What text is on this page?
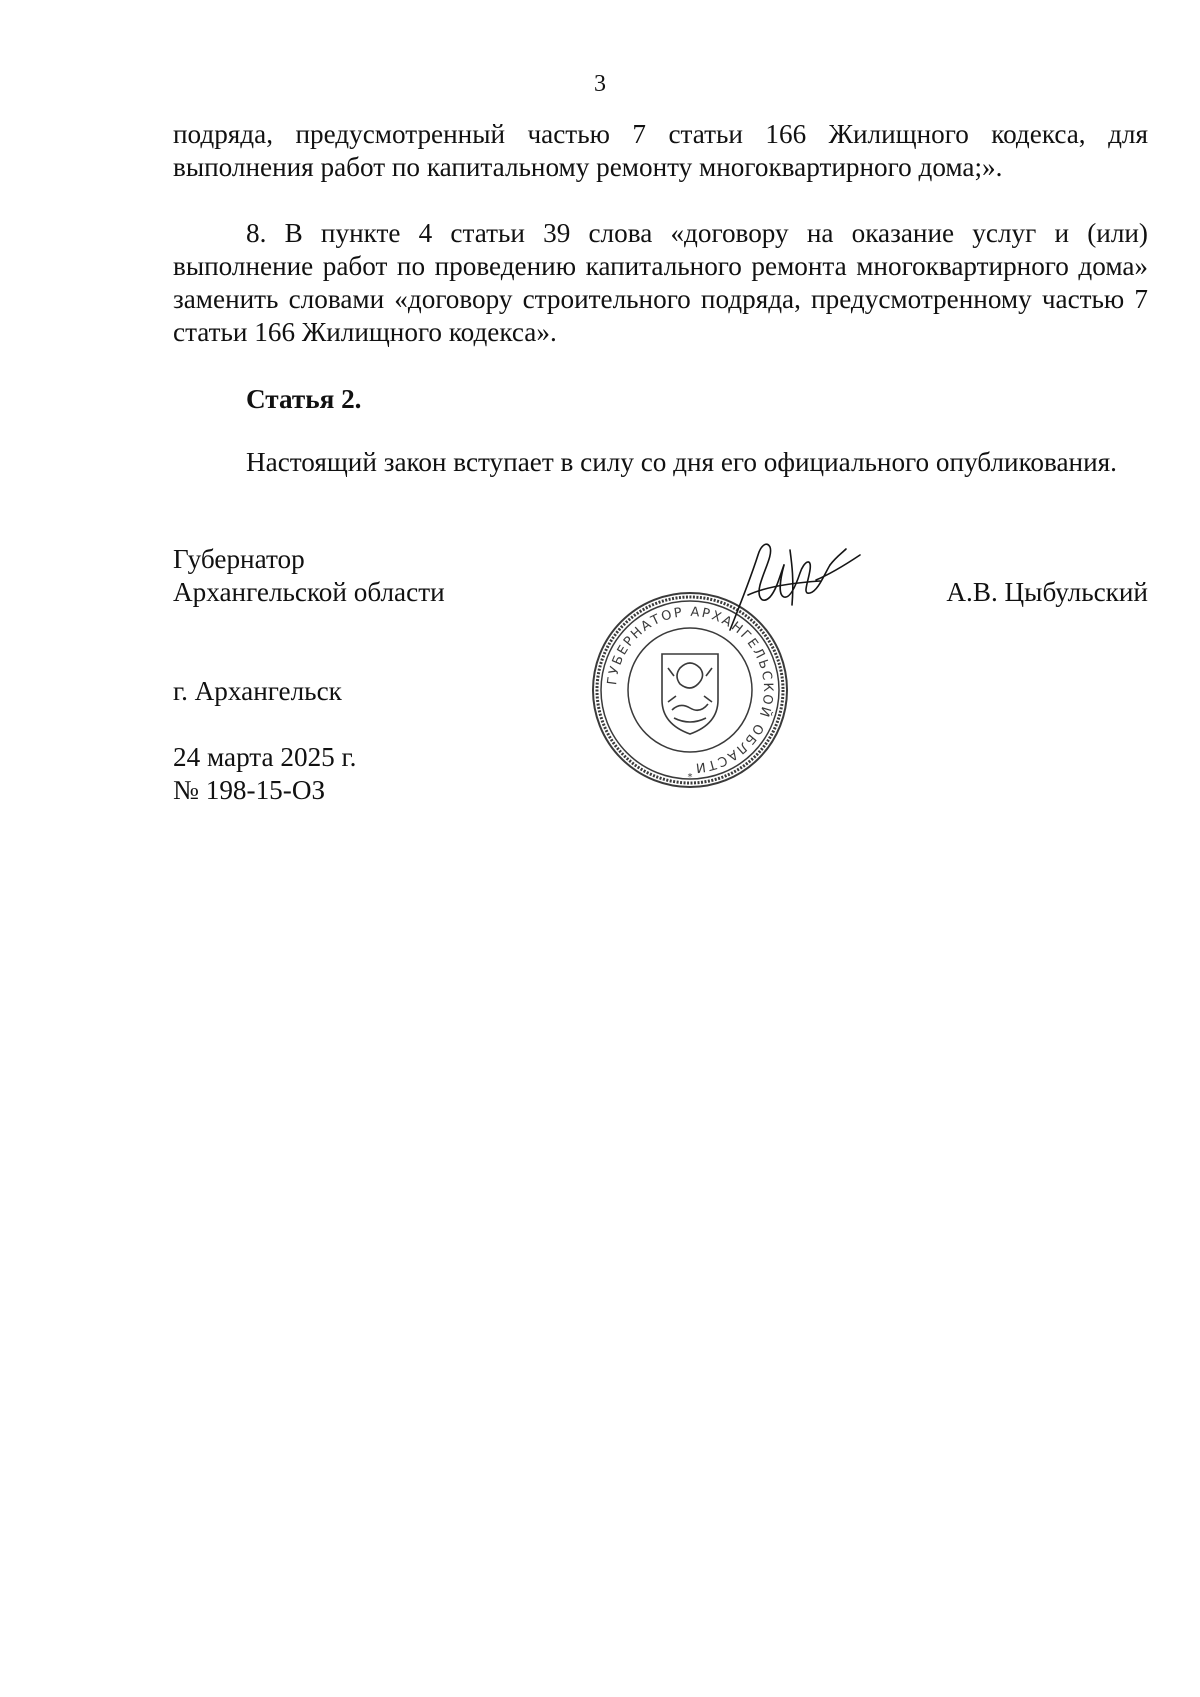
3

подряда, предусмотренный частью 7 статьи 166 Жилищного кодекса, для выполнения работ по капитальному ремонту многоквартирного дома;».

8. В пункте 4 статьи 39 слова «договору на оказание услуг и (или) выполнение работ по проведению капитального ремонта многоквартирного дома» заменить словами «договору строительного подряда, предусмотренному частью 7 статьи 166 Жилищного кодекса».

Статья 2.

Настоящий закон вступает в силу со дня его официального опубликования.

Губернатор
Архангельской области	А.В. Цыбульский
ГУБЕРНАТОР АРХАНГЕЛЬСКОЙ ОБЛАСТИ
*
г. Архангельск
24 марта 2025 г.
№ 198-15-ОЗ
